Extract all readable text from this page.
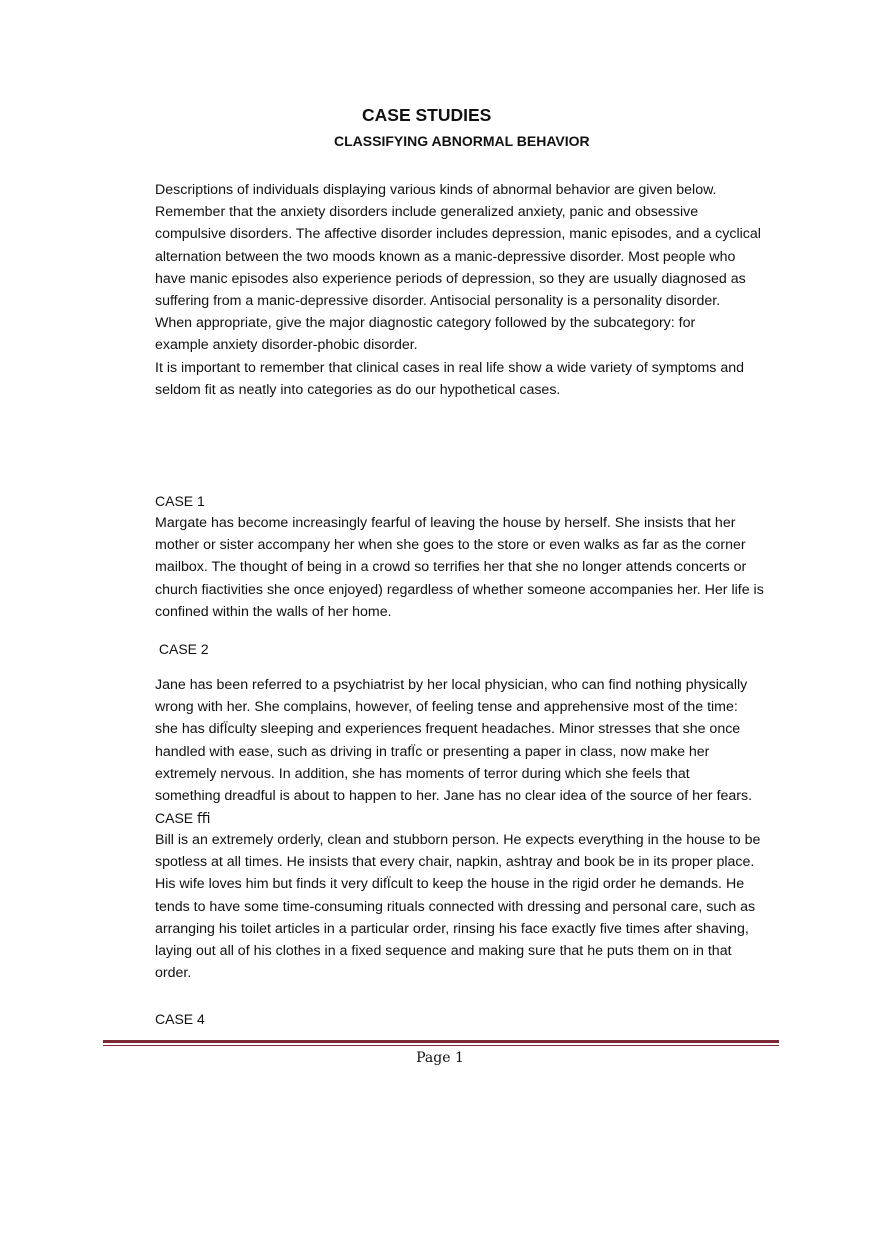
CASE STUDIES
CLASSIFYING ABNORMAL BEHAVIOR
Descriptions of individuals displaying various kinds of abnormal behavior are given below.
Remember that the anxiety disorders include generalized anxiety, panic and obsessive
compulsive disorders. The affective disorder includes depression, manic episodes, and a cyclical
alternation between the two moods known as a manic-depressive disorder. Most people who
have manic episodes also experience periods of depression, so they are usually diagnosed as
suffering from a manic-depressive disorder. Antisocial personality is a personality disorder.
When appropriate, give the major diagnostic category followed by the subcategory: for
example anxiety disorder-phobic disorder.
It is important to remember that clinical cases in real life show a wide variety of symptoms and
seldom fit as neatly into categories as do our hypothetical cases.
CASE 1
Margate has become increasingly fearful of leaving the house by herself. She insists that her
mother or sister accompany her when she goes to the store or even walks as far as the corner
mailbox. The thought of being in a crowd so terrifies her that she no longer attends concerts or
church ﬁactivities she once enjoyed) regardless of whether someone accompanies her. Her life is
confined within the walls of her home.
CASE 2
Jane has been referred to a psychiatrist by her local physician, who can find nothing physically
wrong with her. She complains, however, of feeling tense and apprehensive most of the time:
she has difÏculty sleeping and experiences frequent headaches. Minor stresses that she once
handled with ease, such as driving in trafÏc or presenting a paper in class, now make her
extremely nervous. In addition, she has moments of terror during which she feels that
something dreadful is about to happen to her. Jane has no clear idea of the source of her fears.
CASE ﬃ
Bill is an extremely orderly, clean and stubborn person. He expects everything in the house to be
spotless at all times. He insists that every chair, napkin, ashtray and book be in its proper place.
His wife loves him but finds it very difÏcult to keep the house in the rigid order he demands. He
tends to have some time-consuming rituals connected with dressing and personal care, such as
arranging his toilet articles in a particular order, rinsing his face exactly five times after shaving,
laying out all of his clothes in a fixed sequence and making sure that he puts them on in that
order.
CASE 4

Page 1
